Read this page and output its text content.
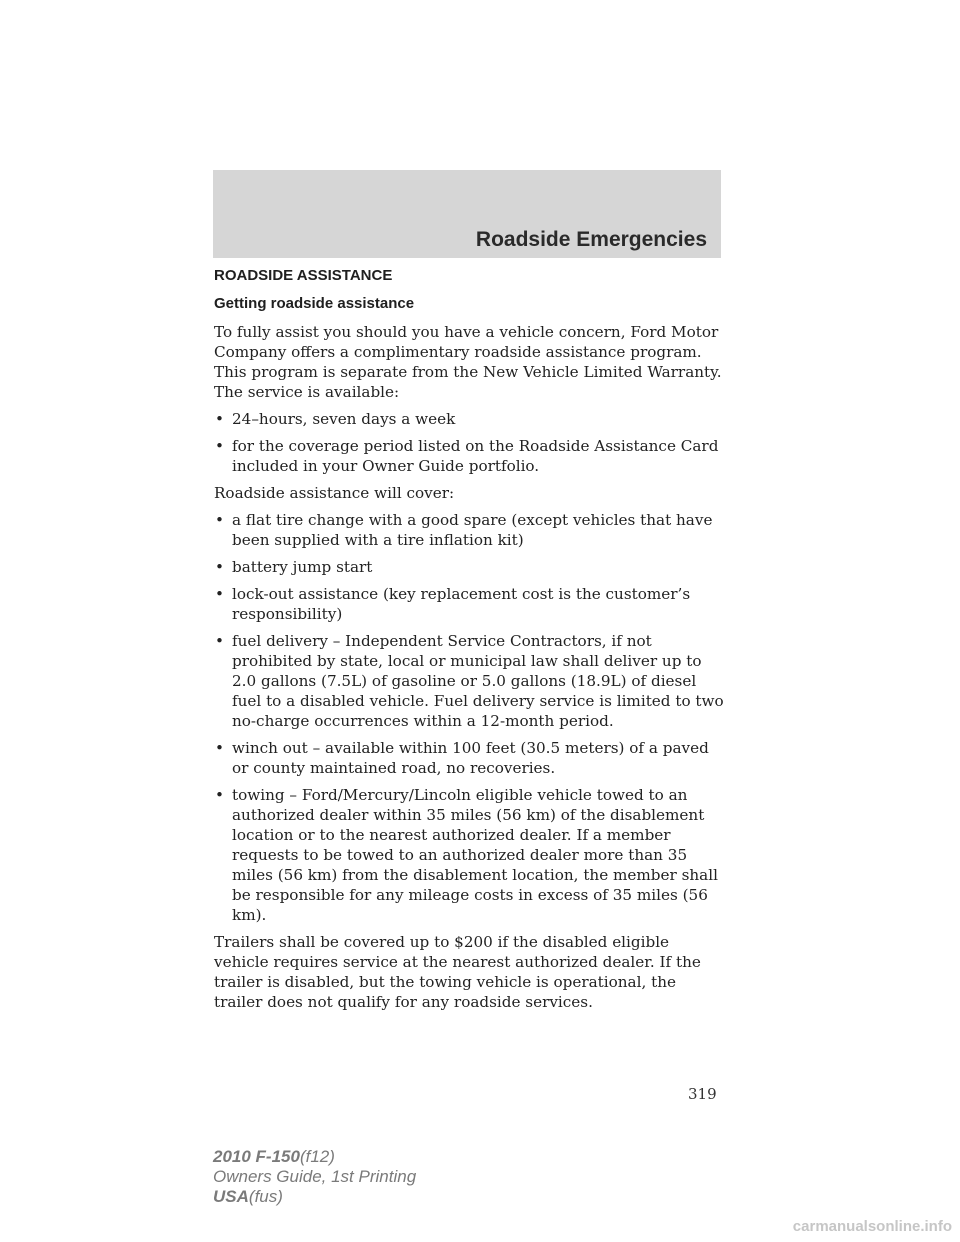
Roadside Emergencies
ROADSIDE ASSISTANCE
Getting roadside assistance

To fully assist you should you have a vehicle concern, Ford Motor Company offers a complimentary roadside assistance program. This program is separate from the New Vehicle Limited Warranty. The service is available:

• 24–hours, seven days a week
• for the coverage period listed on the Roadside Assistance Card included in your Owner Guide portfolio.

Roadside assistance will cover:

• a flat tire change with a good spare (except vehicles that have been supplied with a tire inflation kit)
• battery jump start
• lock-out assistance (key replacement cost is the customer’s responsibility)
• fuel delivery – Independent Service Contractors, if not prohibited by state, local or municipal law shall deliver up to 2.0 gallons (7.5L) of gasoline or 5.0 gallons (18.9L) of diesel fuel to a disabled vehicle. Fuel delivery service is limited to two no-charge occurrences within a 12-month period.
• winch out – available within 100 feet (30.5 meters) of a paved or county maintained road, no recoveries.
• towing – Ford/Mercury/Lincoln eligible vehicle towed to an authorized dealer within 35 miles (56 km) of the disablement location or to the nearest authorized dealer. If a member requests to be towed to an authorized dealer more than 35 miles (56 km) from the disablement location, the member shall be responsible for any mileage costs in excess of 35 miles (56 km).

Trailers shall be covered up to $200 if the disabled eligible vehicle requires service at the nearest authorized dealer. If the trailer is disabled, but the towing vehicle is operational, the trailer does not qualify for any roadside services.

319
2010 F-150(f12)
Owners Guide, 1st Printing
USA(fus)
carmanualsonline.info
